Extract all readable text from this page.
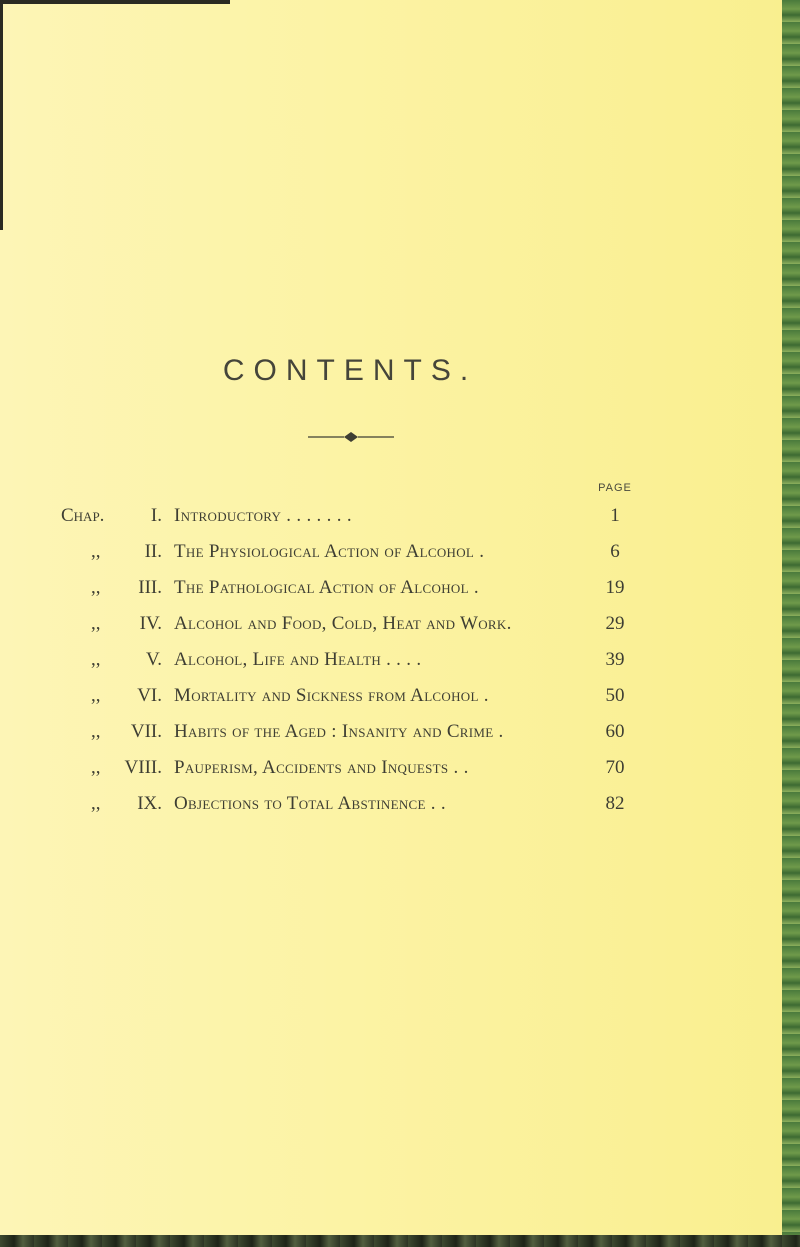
CONTENTS.
PAGE
Chap.	I. Introductory . . . . . . .	1
,,	II. The Physiological Action of Alcohol .	6
,,	III. The Pathological Action of Alcohol .	19
,,	IV. Alcohol and Food, Cold, Heat and Work.	29
,,	V. Alcohol, Life and Health . . . .	39
,,	VI. Mortality and Sickness from Alcohol .	50
,,	VII. Habits of the Aged : Insanity and Crime .	60
,,	VIII. Pauperism, Accidents and Inquests . .	70
,,	IX. Objections to Total Abstinence . .	82
